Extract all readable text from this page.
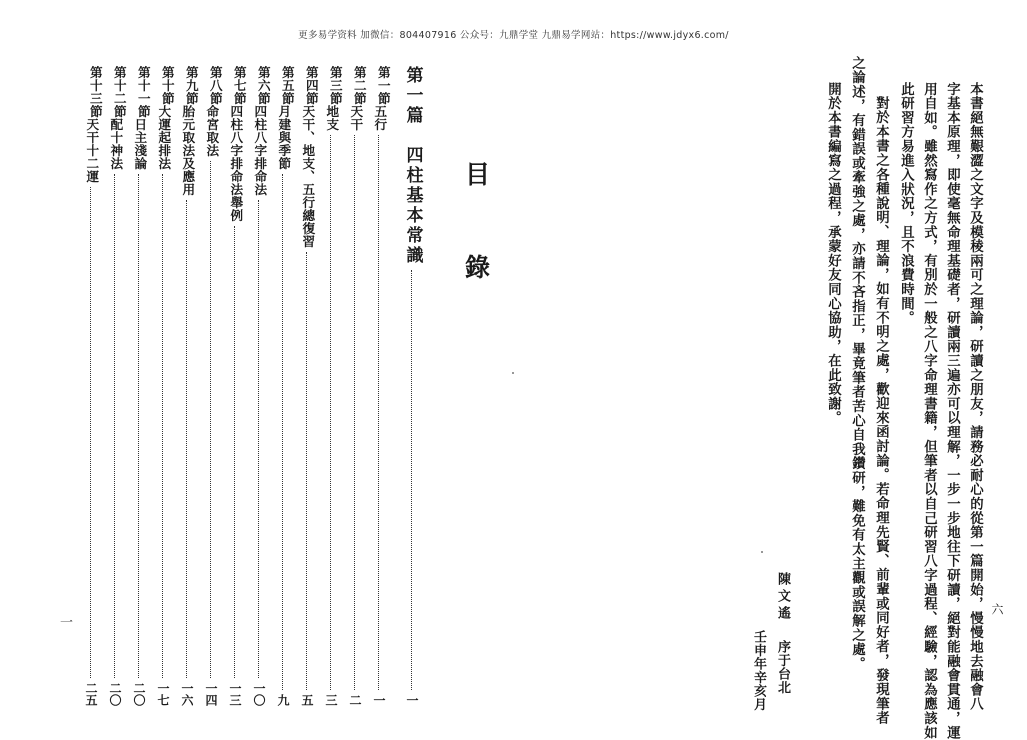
更多易学资料 加微信：804407916 公众号：九鼎学堂 九鼎易学网站：https://www.jdyx6.com/
六
本書絕無艱澀之文字及模稜兩可之理論，研讀之朋友，請務必耐心的從第一篇開始，慢慢地去融會八
字基本原理，即使毫無命理基礎者，研讀兩三遍亦可以理解，一步一步地往下研讀，絕對能融會貫通，運
用自如。雖然寫作之方式，有別於一般之八字命理書籍，但筆者以自己研習八字過程、經驗，認為應該如
此研習方易進入狀況，且不浪費時間。
對於本書之各種說明、理論，如有不明之處，歡迎來函討論。若命理先賢、前輩或同好者，發現筆者
之論述，有錯誤或牽強之處，亦請不吝指正，畢竟筆者苦心自我鑽研，難免有太主觀或誤解之處。
開於本書編寫之過程，承蒙好友同心協助，在此致謝。
陳文遙
序于台北
壬申年辛亥月
目
錄
第一篇　四柱基本常識
一
第一節
五行
一
第二節
天干
二
第三節
地支
三
第四節
天干、地支、五行總復習
五
第五節
月建與季節
九
第六節
四柱八字排命法
一〇
第七節
四柱八字排命法舉例
一三
第八節
命宮取法
一四
第九節
胎元取法及應用
一六
第十節
大運起排法
一七
第十一節
日主淺論
二〇
第十二節
配十神法
二〇
第十三節
天干十二運
二五
一
